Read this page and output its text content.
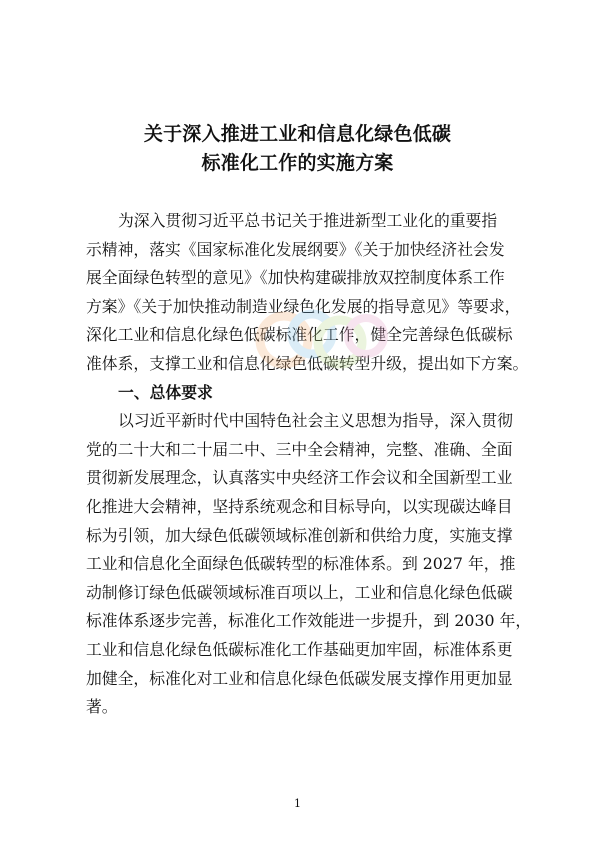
关于深入推进工业和信息化绿色低碳
标准化工作的实施方案
为深入贯彻习近平总书记关于推进新型工业化的重要指
示精神，落实《国家标准化发展纲要》《关于加快经济社会发
展全面绿色转型的意见》《加快构建碳排放双控制度体系工作
方案》《关于加快推动制造业绿色化发展的指导意见》等要求，
深化工业和信息化绿色低碳标准化工作，健全完善绿色低碳标
准体系，支撑工业和信息化绿色低碳转型升级，提出如下方案。
一、总体要求
以习近平新时代中国特色社会主义思想为指导，深入贯彻
党的二十大和二十届二中、三中全会精神，完整、准确、全面
贯彻新发展理念，认真落实中央经济工作会议和全国新型工业
化推进大会精神，坚持系统观念和目标导向，以实现碳达峰目
标为引领，加大绿色低碳领域标准创新和供给力度，实施支撑
工业和信息化全面绿色低碳转型的标准体系。到 2027 年，推
动制修订绿色低碳领域标准百项以上，工业和信息化绿色低碳
标准体系逐步完善，标准化工作效能进一步提升，到 2030 年，
工业和信息化绿色低碳标准化工作基础更加牢固，标准体系更
加健全，标准化对工业和信息化绿色低碳发展支撑作用更加显
著。
1
